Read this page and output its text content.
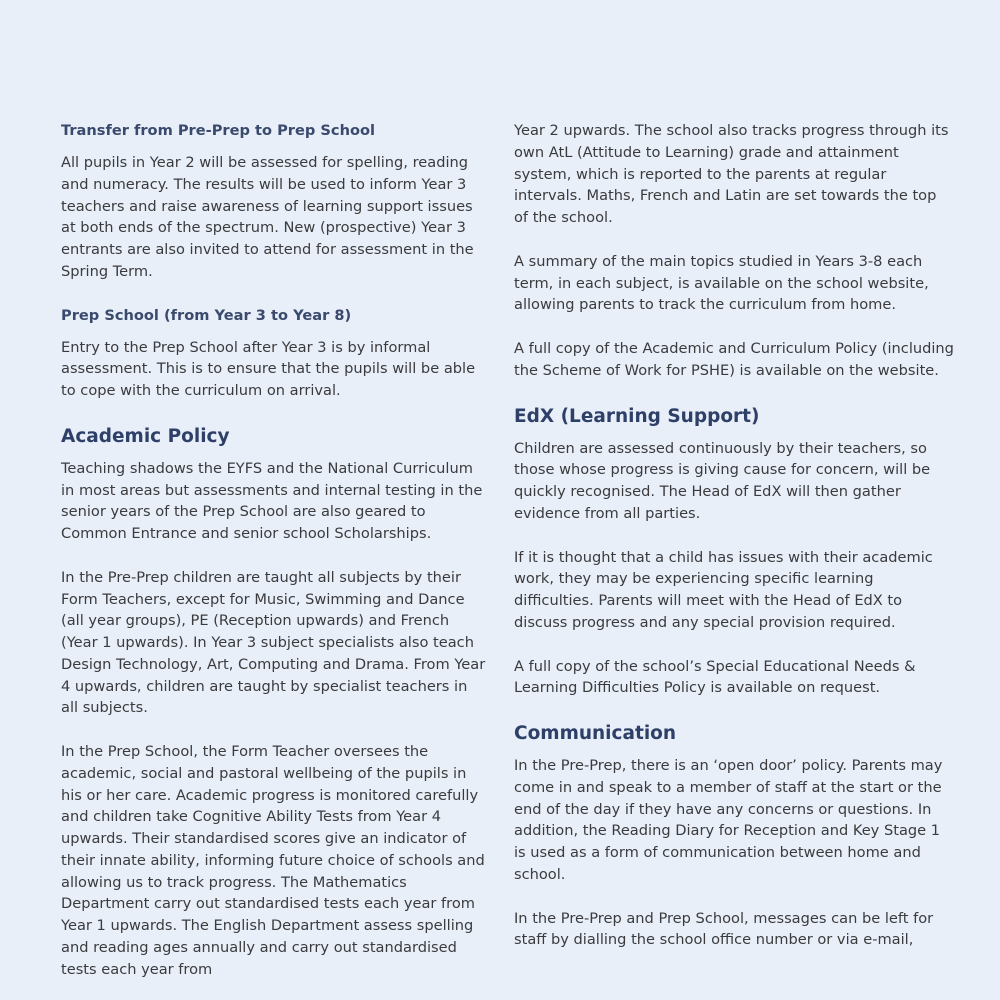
Transfer from Pre-Prep to Prep School

All pupils in Year 2 will be assessed for spelling, reading and numeracy. The results will be used to inform Year 3 teachers and raise awareness of learning support issues at both ends of the spectrum. New (prospective) Year 3 entrants are also invited to attend for assessment in the Spring Term.

Prep School (from Year 3 to Year 8)

Entry to the Prep School after Year 3 is by informal assessment. This is to ensure that the pupils will be able to cope with the curriculum on arrival.

Academic Policy

Teaching shadows the EYFS and the National Curriculum in most areas but assessments and internal testing in the senior years of the Prep School are also geared to Common Entrance and senior school Scholarships.

In the Pre-Prep children are taught all subjects by their Form Teachers, except for Music, Swimming and Dance (all year groups), PE (Reception upwards) and French (Year 1 upwards). In Year 3 subject specialists also teach Design Technology, Art, Computing and Drama. From Year 4 upwards, children are taught by specialist teachers in all subjects.

In the Prep School, the Form Teacher oversees the academic, social and pastoral wellbeing of the pupils in his or her care. Academic progress is monitored carefully and children take Cognitive Ability Tests from Year 4 upwards. Their standardised scores give an indicator of their innate ability, informing future choice of schools and allowing us to track progress. The Mathematics Department carry out standardised tests each year from Year 1 upwards. The English Department assess spelling and reading ages annually and carry out standardised tests each year from

Year 2 upwards. The school also tracks progress through its own AtL (Attitude to Learning) grade and attainment system, which is reported to the parents at regular intervals. Maths, French and Latin are set towards the top of the school.

A summary of the main topics studied in Years 3-8 each term, in each subject, is available on the school website, allowing parents to track the curriculum from home.

A full copy of the Academic and Curriculum Policy (including the Scheme of Work for PSHE) is available on the website.

EdX (Learning Support)

Children are assessed continuously by their teachers, so those whose progress is giving cause for concern, will be quickly recognised. The Head of EdX will then gather evidence from all parties.

If it is thought that a child has issues with their academic work, they may be experiencing specific learning difficulties. Parents will meet with the Head of EdX to discuss progress and any special provision required.

A full copy of the school’s Special Educational Needs & Learning Difficulties Policy is available on request.

Communication

In the Pre-Prep, there is an ‘open door’ policy. Parents may come in and speak to a member of staff at the start or the end of the day if they have any concerns or questions. In addition, the Reading Diary for Reception and Key Stage 1 is used as a form of communication between home and school.

In the Pre-Prep and Prep School, messages can be left for staff by dialling the school office number or via e-mail,
